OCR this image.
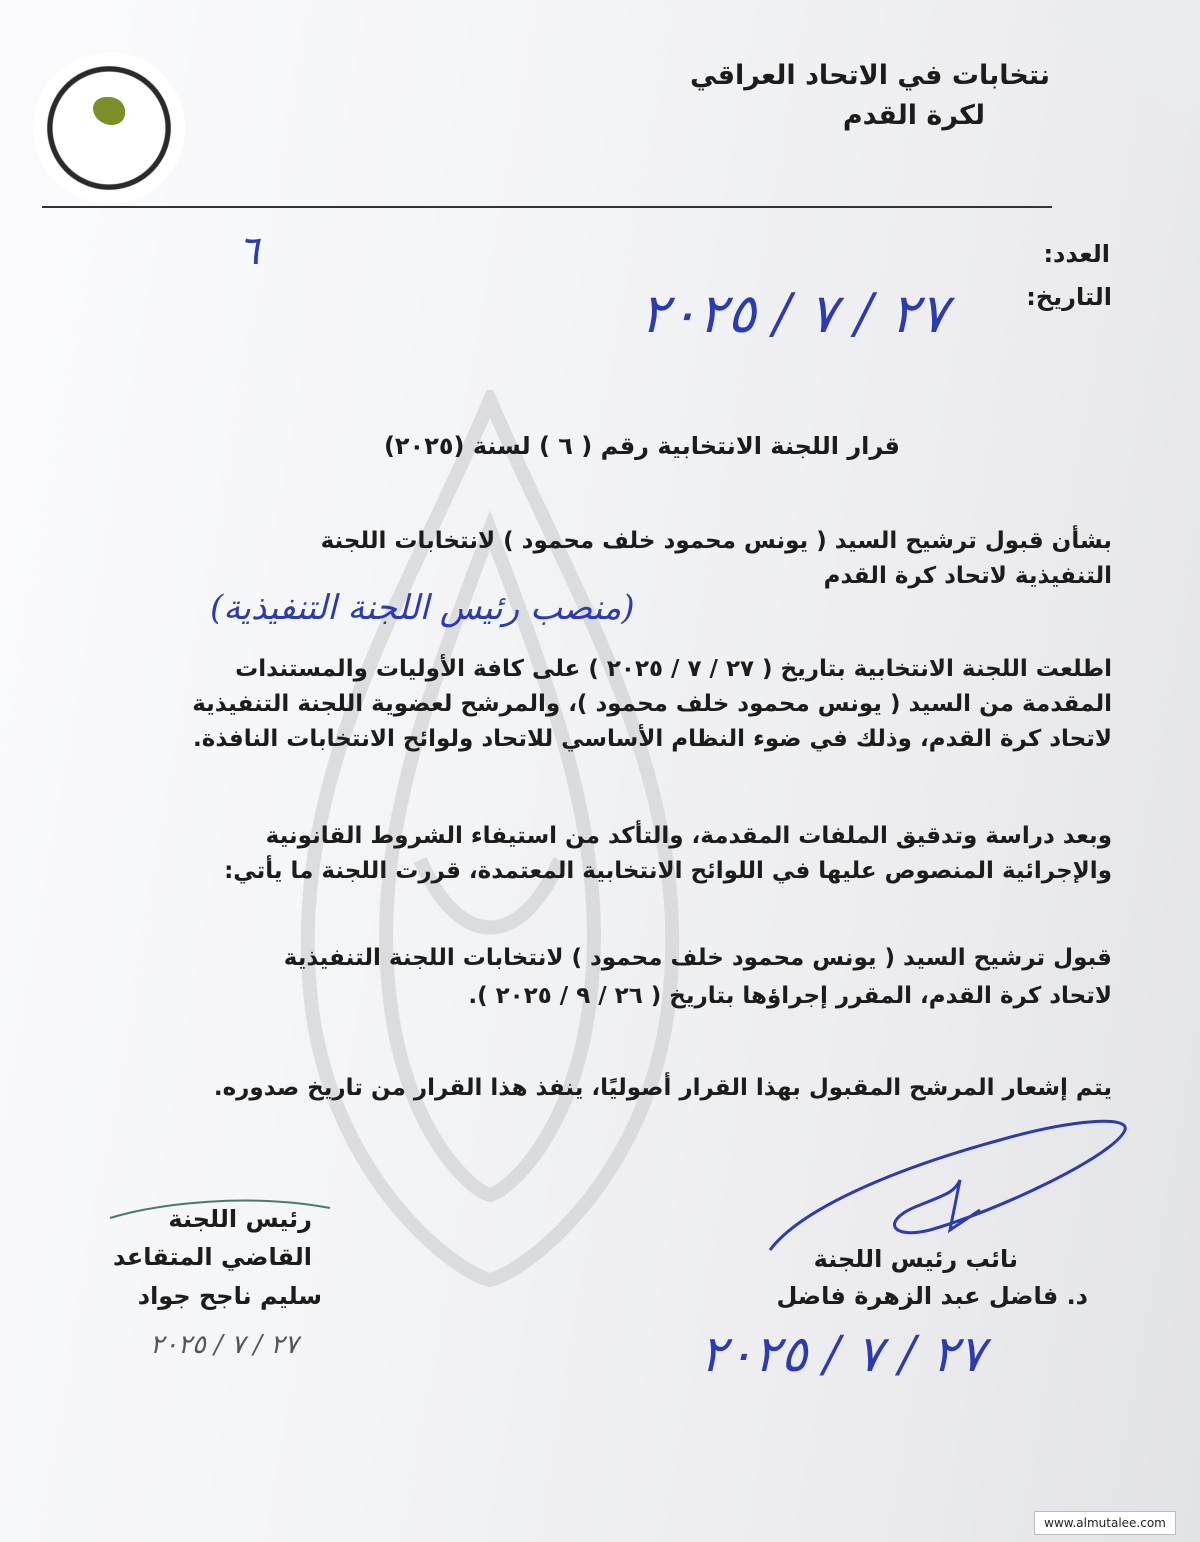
نتخابات في الاتحاد العراقي
لكرة القدم
العدد:
٦
التاريخ:
٢٧ / ٧ / ٢٠٢٥
قرار اللجنة الانتخابية رقم ( ٦ ) لسنة (٢٠٢٥)
بشأن قبول ترشيح السيد ( يونس محمود خلف محمود ) لانتخابات اللجنة
التنفيذية لاتحاد كرة القدم
(منصب رئيس اللجنة التنفيذية)
اطلعت اللجنة الانتخابية بتاريخ ( ٢٧ / ٧ / ٢٠٢٥ ) على كافة الأوليات والمستندات
المقدمة من السيد ( يونس محمود خلف محمود )، والمرشح لعضوية اللجنة التنفيذية
لاتحاد كرة القدم، وذلك في ضوء النظام الأساسي للاتحاد ولوائح الانتخابات النافذة.
وبعد دراسة وتدقيق الملفات المقدمة، والتأكد من استيفاء الشروط القانونية
والإجرائية المنصوص عليها في اللوائح الانتخابية المعتمدة، قررت اللجنة ما يأتي:
قبول ترشيح السيد ( يونس محمود خلف محمود ) لانتخابات اللجنة التنفيذية
لاتحاد كرة القدم، المقرر إجراؤها بتاريخ ( ٢٦ / ٩ / ٢٠٢٥ ).
يتم إشعار المرشح المقبول بهذا القرار أصوليًا، ينفذ هذا القرار من تاريخ صدوره.
نائب رئيس اللجنة
د. فاضل عبد الزهرة فاضل
٢٧ / ٧ / ٢٠٢٥
رئيس اللجنة
القاضي المتقاعد
سليم ناجح جواد
٢٧ / ٧ / ٢٠٢٥
www.almutalee.com
